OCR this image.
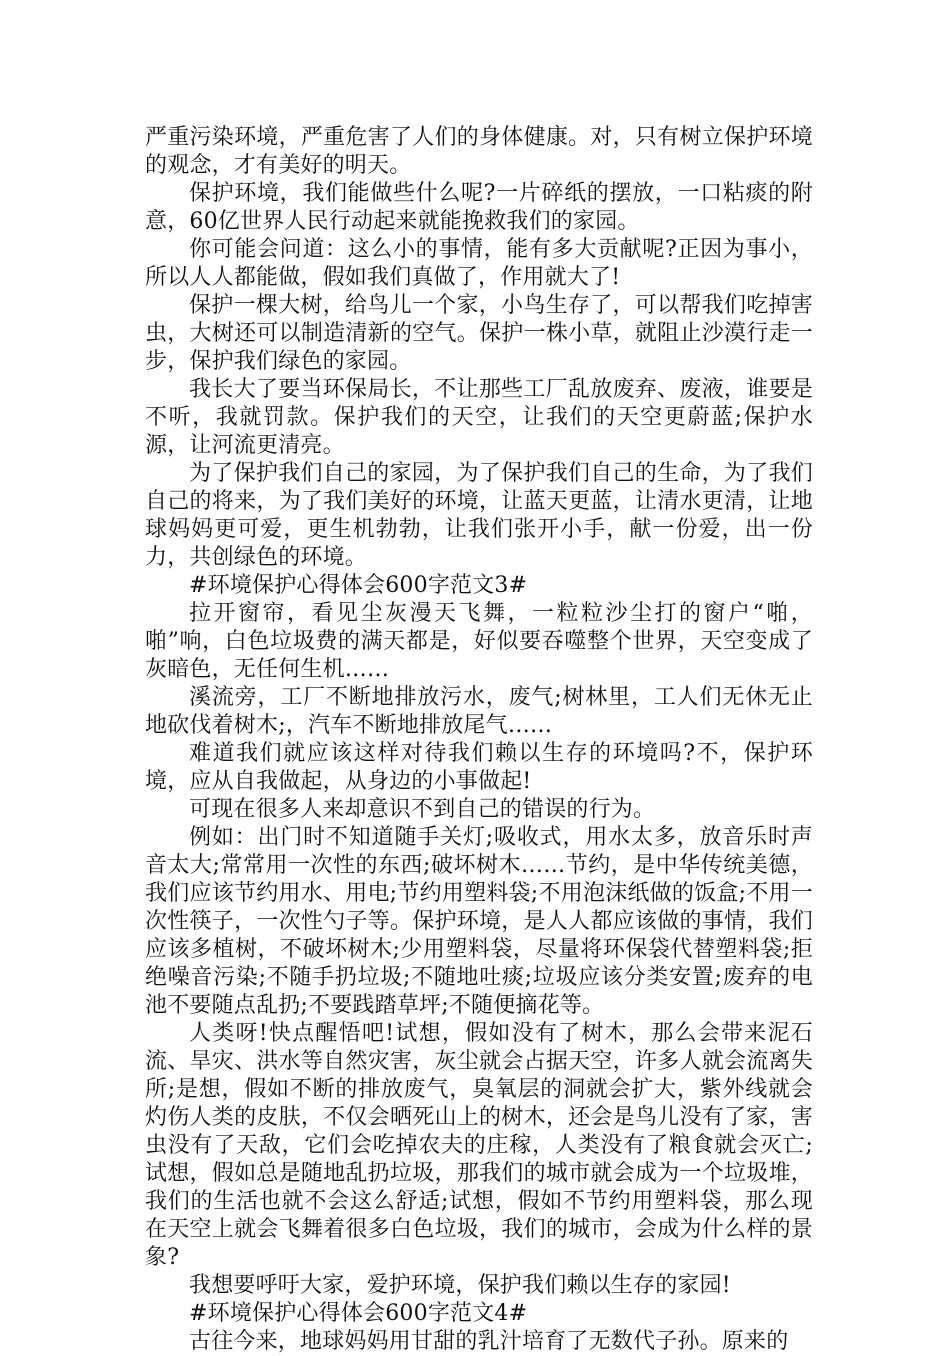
严重污染环境，严重危害了人们的身体健康。对，只有树立保护环境的观念，才有美好的明天。

保护环境，我们能做些什么呢?一片碎纸的摆放，一口粘痰的附意，60亿世界人民行动起来就能挽救我们的家园。

你可能会问道：这么小的事情，能有多大贡献呢?正因为事小，所以人人都能做，假如我们真做了，作用就大了!

保护一棵大树，给鸟儿一个家，小鸟生存了，可以帮我们吃掉害虫，大树还可以制造清新的空气。保护一株小草，就阻止沙漠行走一步，保护我们绿色的家园。

我长大了要当环保局长，不让那些工厂乱放废弃、废液，谁要是不听，我就罚款。保护我们的天空，让我们的天空更蔚蓝;保护水源，让河流更清亮。

为了保护我们自己的家园，为了保护我们自己的生命，为了我们自己的将来，为了我们美好的环境，让蓝天更蓝，让清水更清，让地球妈妈更可爱，更生机勃勃，让我们张开小手，献一份爱，出一份力，共创绿色的环境。

#环境保护心得体会600字范文3#

拉开窗帘，看见尘灰漫天飞舞，一粒粒沙尘打的窗户“啪，啪”响，白色垃圾费的满天都是，好似要吞噬整个世界，天空变成了灰暗色，无任何生机……

溪流旁，工厂不断地排放污水，废气;树林里，工人们无休无止地砍伐着树木;，汽车不断地排放尾气……

难道我们就应该这样对待我们赖以生存的环境吗?不，保护环境，应从自我做起，从身边的小事做起!

可现在很多人来却意识不到自己的错误的行为。

例如：出门时不知道随手关灯;吸收式，用水太多，放音乐时声音太大;常常用一次性的东西;破坏树木……节约，是中华传统美德，我们应该节约用水、用电;节约用塑料袋;不用泡沫纸做的饭盒;不用一次性筷子，一次性勺子等。保护环境，是人人都应该做的事情，我们应该多植树，不破坏树木;少用塑料袋，尽量将环保袋代替塑料袋;拒绝噪音污染;不随手扔垃圾;不随地吐痰;垃圾应该分类安置;废弃的电池不要随点乱扔;不要践踏草坪;不随便摘花等。

人类呀!快点醒悟吧!试想，假如没有了树木，那么会带来泥石流、旱灾、洪水等自然灾害，灰尘就会占据天空，许多人就会流离失所;是想，假如不断的排放废气，臭氧层的洞就会扩大，紫外线就会灼伤人类的皮肤，不仅会晒死山上的树木，还会是鸟儿没有了家，害虫没有了天敌，它们会吃掉农夫的庄稼，人类没有了粮食就会灭亡;试想，假如总是随地乱扔垃圾，那我们的城市就会成为一个垃圾堆，我们的生活也就不会这么舒适;试想，假如不节约用塑料袋，那么现在天空上就会飞舞着很多白色垃圾，我们的城市，会成为什么样的景象?

我想要呼吁大家，爱护环境，保护我们赖以生存的家园!

#环境保护心得体会600字范文4#

古往今来，地球妈妈用甘甜的乳汁培育了无数代子孙。原来的
